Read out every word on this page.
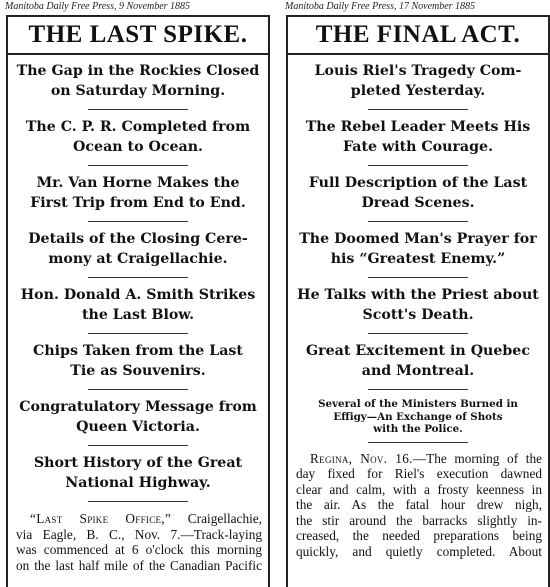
Manitoba Daily Free Press, 9 November 1885
THE LAST SPIKE.
The Gap in the Rockies Closed
on Saturday Morning.
The C. P. R. Completed from
Ocean to Ocean.
Mr. Van Horne Makes the
First Trip from End to End.
Details of the Closing Cere-
mony at Craigellachie.
Hon. Donald A. Smith Strikes
the Last Blow.
Chips Taken from the Last
Tie as Souvenirs.
Congratulatory Message from
Queen Victoria.
Short History of the Great
National Highway.
“Last Spike Office,” Craigellachie,
via Eagle, B. C., Nov. 7.—Track-laying
was commenced at 6 o'clock this morning
on the last half mile of the Canadian Pacific
Manitoba Daily Free Press, 17 November 1885
THE FINAL ACT.
Louis Riel's Tragedy Com-
pleted Yesterday.
The Rebel Leader Meets His
Fate with Courage.
Full Description of the Last
Dread Scenes.
The Doomed Man's Prayer for
his “Greatest Enemy.”
He Talks with the Priest about
Scott's Death.
Great Excitement in Quebec
and Montreal.
Several of the Ministers Burned in
Effigy—An Exchange of Shots
with the Police.
Regina, Nov. 16.—The morning of the
day fixed for Riel's execution dawned
clear and calm, with a frosty keenness in
the air. As the fatal hour drew nigh,
the stir around the barracks slightly in-
creased, the needed preparations being
quickly, and quietly completed. About
